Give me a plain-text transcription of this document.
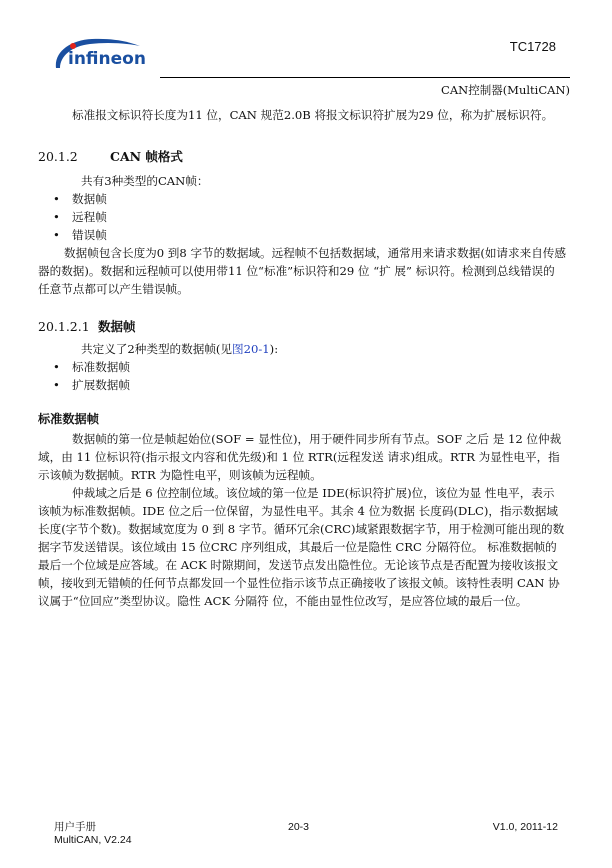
infineon
TC1728
CAN控制器(MultiCAN)

标准报文标识符长度为11 位，CAN 规范2.0B 将报文标识符扩展为29 位，称为扩展标识符。

20.1.2	CAN 帧格式

共有3种类型的CAN帧：

• 数据帧
• 远程帧
• 错误帧

数据帧包含长度为0 到8 字节的数据域。远程帧不包括数据域，通常用来请求数据(如请求来自传感器的数据)。数据和远程帧可以使用带11 位“标准”标识符和29 位 “扩 展” 标识符。检测到总线错误的任意节点都可以产生错误帧。

20.1.2.1 数据帧

共定义了2种类型的数据帧(见图20-1):

• 标准数据帧
• 扩展数据帧
标准数据帧

数据帧的第一位是帧起始位(SOF = 显性位)，用于硬件同步所有节点。SOF 之后 是 12 位仲裁域，由 11 位标识符(指示报文内容和优先级)和 1 位 RTR(远程发送 请求)组成。RTR 为显性电平，指示该帧为数据帧。RTR 为隐性电平，则该帧为远程帧。

仲裁域之后是 6 位控制位域。该位域的第一位是 IDE(标识符扩展)位，该位为显 性电平，表示该帧为标准数据帧。IDE 位之后一位保留，为显性电平。其余 4 位为数据 长度码(DLC)，指示数据域长度(字节个数)。数据域宽度为 0 到 8 字节。循环冗余(CRC)域紧跟数据字节，用于检测可能出现的数据字节发送错误。该位域由 15 位CRC 序列组成，其最后一位是隐性 CRC 分隔符位。 标准数据帧的最后一个位域是应答域。在 ACK 时隙期间，发送节点发出隐性位。无论该节点是否配置为接收该报文帧，接收到无错帧的任何节点都发回一个显性位指示该节点正确接收了该报文帧。该特性表明 CAN 协议属于“位回应”类型协议。隐性 ACK 分隔符 位，不能由显性位改写，是应答位域的最后一位。

用户手册
MultiCAN, V2.24
20-3	V1.0, 2011-12
